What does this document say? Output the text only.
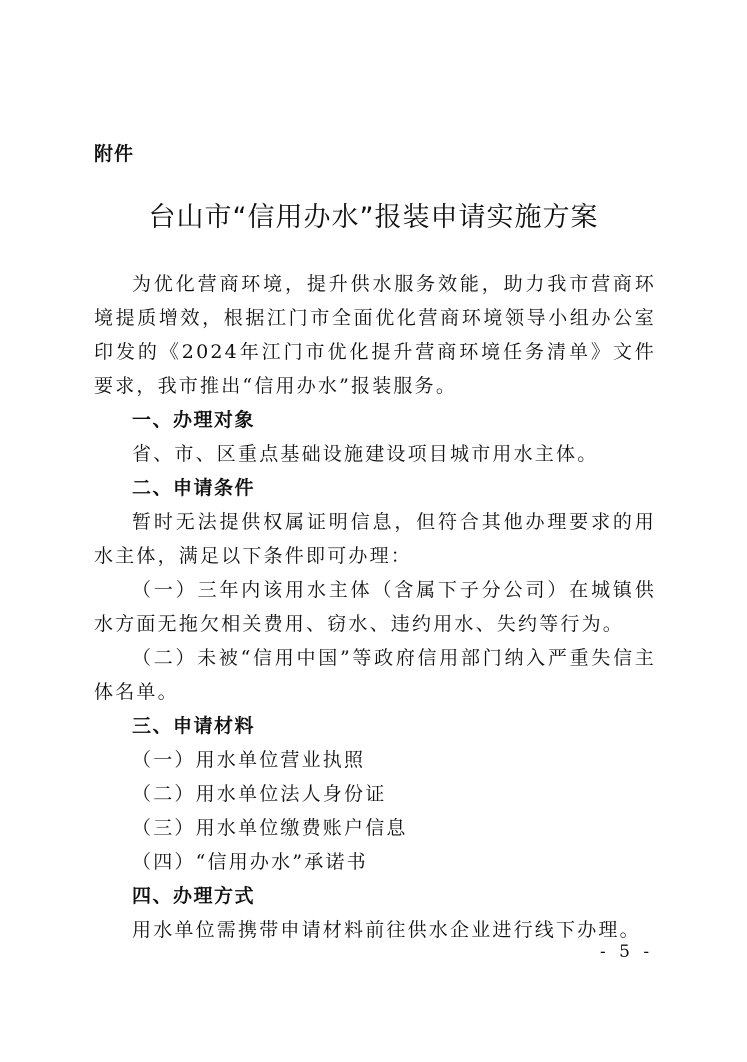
附件
台山市“信用办水”报装申请实施方案
为优化营商环境，提升供水服务效能，助力我市营商环境提质增效，根据江门市全面优化营商环境领导小组办公室印发的《2024年江门市优化提升营商环境任务清单》文件要求，我市推出“信用办水”报装服务。
一、办理对象
省、市、区重点基础设施建设项目城市用水主体。
二、申请条件
暂时无法提供权属证明信息，但符合其他办理要求的用水主体，满足以下条件即可办理：
（一）三年内该用水主体（含属下子分公司）在城镇供水方面无拖欠相关费用、窃水、违约用水、失约等行为。
（二）未被“信用中国”等政府信用部门纳入严重失信主体名单。
三、申请材料
（一）用水单位营业执照
（二）用水单位法人身份证
（三）用水单位缴费账户信息
（四）“信用办水”承诺书
四、办理方式
用水单位需携带申请材料前往供水企业进行线下办理。
- 5 -
